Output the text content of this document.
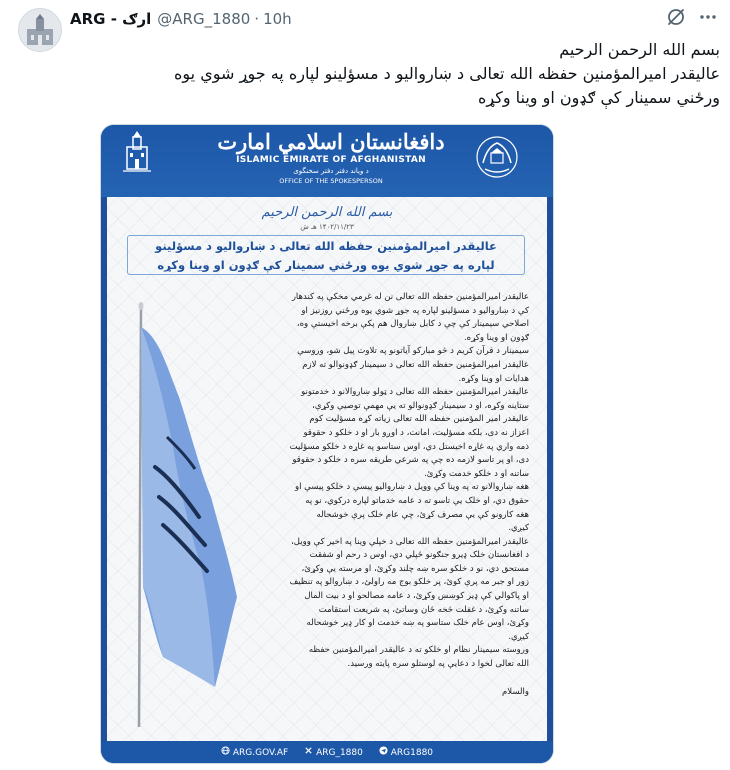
ARG - ارګ @ARG_1880 · 10h
بسم الله الرحمن الرحيم
عالیقدر امیرالمؤمنین حفظه الله تعالی د ښاروالیو د مسؤلینو لپاره په جوړ شوي يوه
ورځني سمينار کې ګډون او وينا وکړه
دافغانستان اسلامي امارت
ISLAMIC EMIRATE OF AFGHANISTAN
د ویاند دفتر دفتر سخنگوی
OFFICE OF THE SPOKESPERSON
بسم الله الرحمن الرحیم
۱۴۰۲/۱۱/۲۳ هـ ش
عالیقدر امیرالمؤمنین حفظه الله تعالی د ښاروالیو د مسؤلینو
لپاره په جوړ شوي يوه ورځني سمينار کې ګډون او وينا وکړه
عالیقدر امیرالمؤمنین حفظه الله تعالی نن له غرمي مخکې په کندهار
کې د ښاروالیو د مسؤلینو لپاره په جوړ شوي يوه ورځني روزنيز او
اصلاحي سيمينار کې چې د کابل ښاروال هم پکې برخه اخيستې وه،
ګډون او وينا وکړه.
سيمينار د قرآن کریم د څو مبارکو آیاتونو په تلاوت پیل شو، وروسې
عالیقدر امیرالمؤمنین حفظه الله تعالی د سيمينار ګډونوالو ته لازم
هدايات او وينا وکړه.
عالیقدر امیرالمؤمنین حفظه الله تعالی د ټولو ښاروالانو د خدمتونو
ستاينه وکړه، او د سيمينار ګډونوالو ته يې مهمې توصيې وکړې،
عالیقدر امیر المؤمنین حفظه الله تعالی زياته کړه مسؤليت کوم
اعزاز نه دی، بلکه مسؤليت، امانت، د اوږو بار او د خلکو د حقوقو
ذمه واري په غاړه اخيستل دي، اوس ستاسو په غاړه د خلکو مسؤليت
دی، او پر تاسو لازمه ده چې په شرعي طريقه سره د خلکو د حقوقو
ساتنه او د خلکو خدمت وکړئ.
هغه ښاروالانو ته په وينا کې وويل د ښاروالیو پیسې د خلکو پیسې او
حقوق دي، او خلک يې تاسو ته د عامه خدماتو لپاره درکوي، نو په
هغه کارونو کې يې مصرف کړئ، چې عام خلک پرې خوشحاله
کيږي.
عالیقدر امیرالمؤمنین حفظه الله تعالی د خپلې وينا په اخير کې وويل،
د افغانستان خلک ډيرو جنګونو ځپلي دي، اوس د رحم او شفقت
مستحق دي، نو د خلکو سره ښه چلند وکړئ، او مرسته يې وکړئ،
زور او جبر مه پرې کوئ، پر خلکو بوج مه راولئ، د ښاروالو په تنظيف
او پاکوالي کې ډير کوښښ وکړئ، د عامه مصالحو او د بيت المال
ساتنه وکړئ، د غفلت څخه ځان وساتئ، په شريعت استقامت
وکړئ، اوس عام خلک ستاسو په ښه خدمت او کار ډير خوشحاله
کيږي.
وروسته سيمينار نظام او خلکو ته د عالیقدر امیرالمؤمنین حفظه
الله تعالی لخوا د دعايې په لوستلو سره پايته ورسيد.
والسلام
ARG.GOV.AF	ARG_1880	ARG1880
